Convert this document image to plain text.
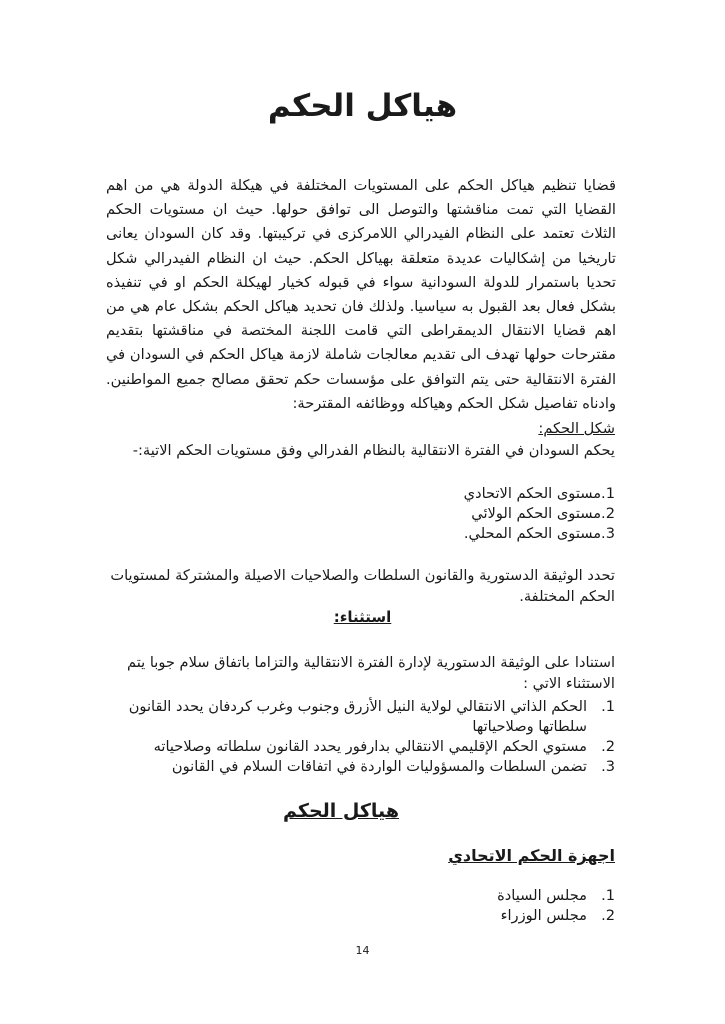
هياكل الحكم
قضايا تنظيم هياكل الحكم على المستويات المختلفة في هيكلة الدولة هي من اهم القضايا التي تمت مناقشتها والتوصل الى توافق حولها. حيث ان مستويات الحكم الثلاث تعتمد على النظام الفيدرالي اللامركزى في تركيبتها. وقد كان السودان يعانى تاريخيا من إشكاليات عديدة متعلقة بهياكل الحكم. حيث ان النظام الفيدرالي شكل تحديا باستمرار للدولة السودانية سواء في قبوله كخيار لهيكلة الحكم او في تنفيذه بشكل فعال بعد القبول به سياسيا. ولذلك فان تحديد هياكل الحكم بشكل عام هي من اهم قضايا الانتقال الديمقراطى التي قامت اللجنة المختصة في مناقشتها بتقديم مقترحات حولها تهدف الى تقديم معالجات شاملة لازمة هياكل الحكم في السودان في الفترة الانتقالية حتى يتم التوافق على مؤسسات حكم تحقق مصالح جميع المواطنين. وادناه تفاصيل شكل الحكم وهياكله ووظائفه المقترحة:
شكل الحكم:
يحكم السودان في الفترة الانتقالية بالنظام الفدرالي وفق مستويات الحكم الاتية:-
1.مستوى الحكم الاتحادي
2.مستوى الحكم الولائي
3.مستوى الحكم المحلي.
تحدد الوثيقة الدستورية والقانون السلطات والصلاحيات الاصيلة والمشتركة لمستويات الحكم المختلفة.
استثناء:
استنادا على الوثيقة الدستورية لإدارة الفترة الانتقالية والتزاما باتفاق سلام جوبا يتم الاستثناء الاتي :
1.
الحكم الذاتي الانتقالي لولاية النيل الأزرق وجنوب وغرب كردفان يحدد القانون سلطاتها وصلاحياتها
2.
مستوي الحكم الإقليمي الانتقالي بدارفور يحدد القانون سلطاته وصلاحياته
3.
تضمن السلطات والمسؤوليات الواردة في اتفاقات السلام في القانون
هياكل الحكم
اجهزة الحكم الاتحادي
1.
مجلس السيادة
2.
مجلس الوزراء
14
